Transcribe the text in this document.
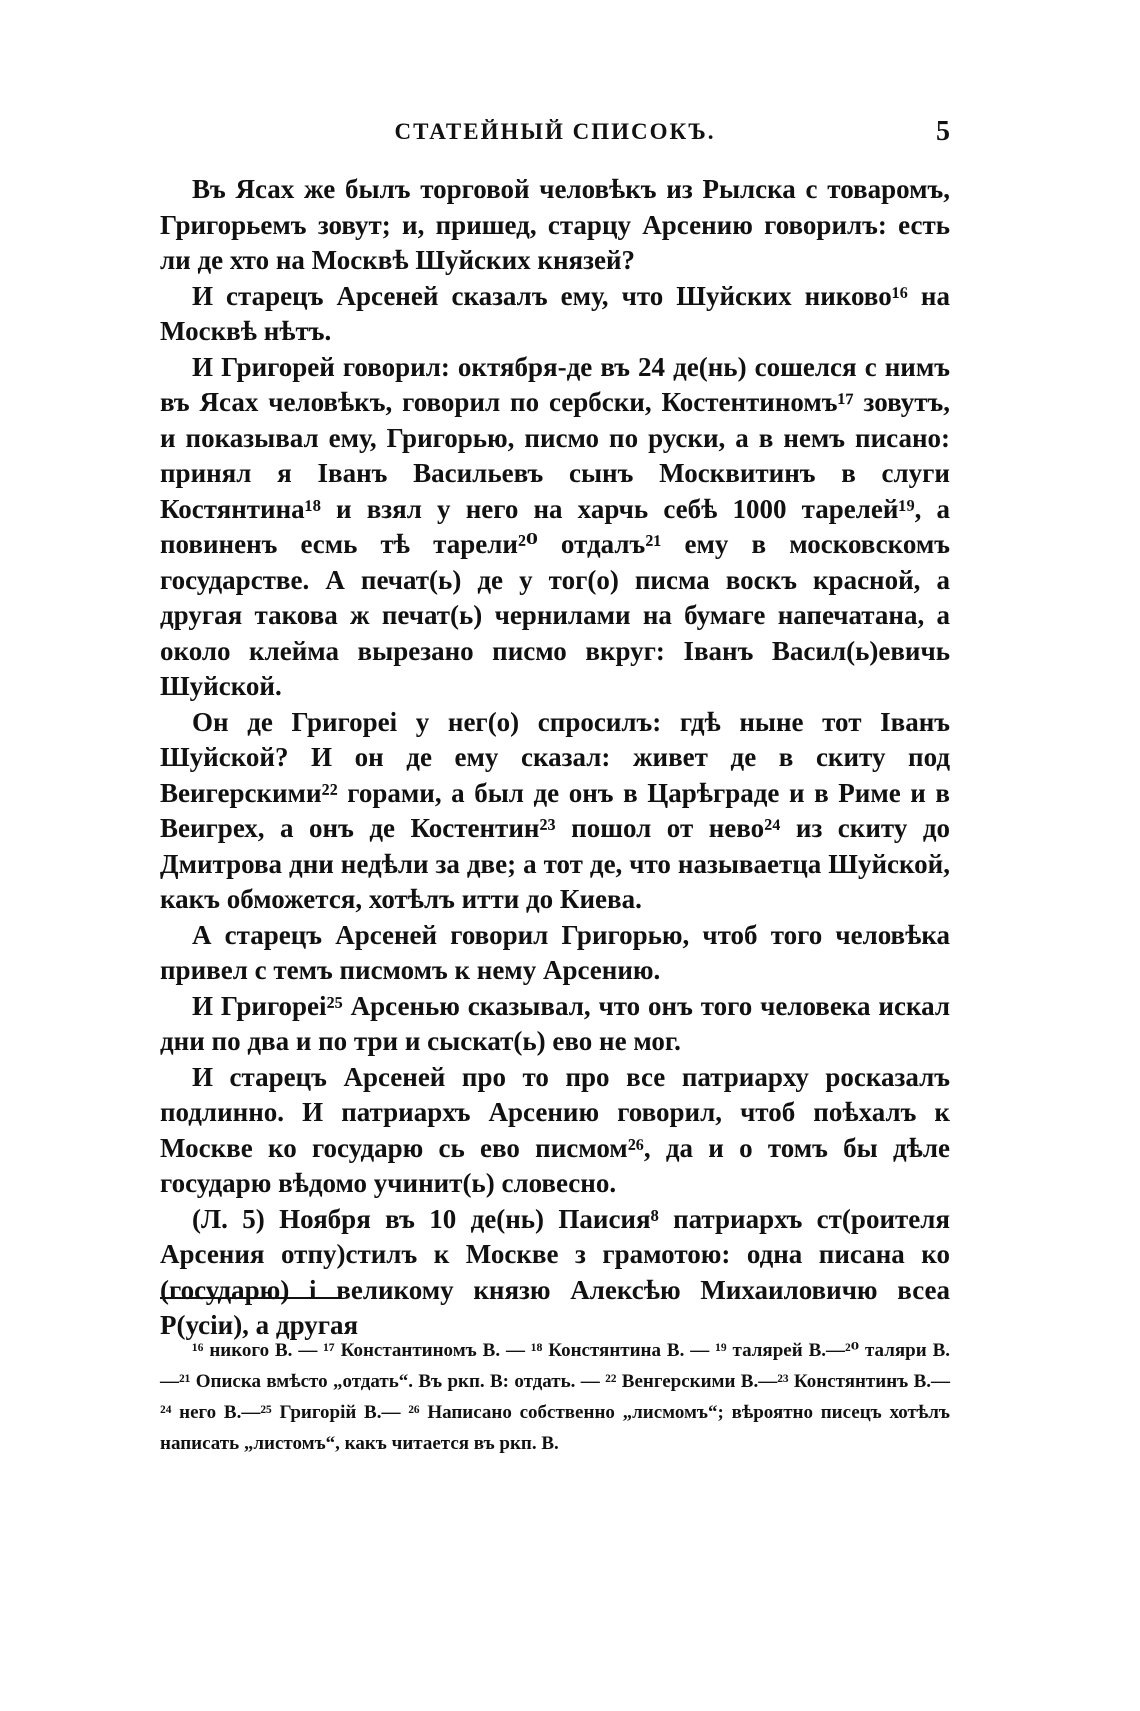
СТАТЕЙНЫЙ СПИСОКЪ.	5

Въ Ясах же былъ торговой человѣкъ из Рылска с товаромъ, Григорьемъ зовут; и, пришед, старцу Арсению говорилъ: есть ли де хто на Москвѣ Шуйских князей?

И старецъ Арсеней сказалъ ему, что Шуйских никово¹⁶ на Москвѣ нѣтъ.

И Григорей говорил: октября-де въ 24 де(нь) сошелся с нимъ въ Ясах человѣкъ, говорил по сербски, Костентиномъ¹⁷ зовутъ, и показывал ему, Григорью, писмо по руски, а в немъ писано: принял я Іванъ Васильевъ сынъ Москвитинъ в слуги Костянтина¹⁸ и взял у него на харчь себѣ 1000 тарелей¹⁹, а повиненъ есмь тѣ тарели²⁰ отдалъ²¹ ему в московскомъ государстве. А печат(ь) де у тог(о) писма воскъ красной, а другая такова ж печат(ь) чернилами на бумаге напечатана, а около клейма вырезано писмо вкруг: Іванъ Васил(ь)евичь Шуйской.

Он де Григореі у нег(о) спросилъ: гдѣ ныне тот Іванъ Шуйской? И он де ему сказал: живет де в скиту под Веигерскими²² горами, а был де онъ в Царѣграде и в Риме и в Веигрех, а онъ де Костентин²³ пошол от нево²⁴ из скиту до Дмитрова дни недѣли за две; а тот де, что называетца Шуйской, какъ обможется, хотѣлъ итти до Киева.

А старецъ Арсеней говорил Григорью, чтоб того человѣка привел с темъ писмомъ к нему Арсению.

И Григореі²⁵ Арсенью сказывал, что онъ того человека искал дни по два и по три и сыскат(ь) ево не мог.

И старецъ Арсеней про то про все патриарху росказалъ подлинно. И патриархъ Арсению говорил, чтоб поѣхалъ к Москве ко государю сь ево писмом²⁶, да и о томъ бы дѣле государю вѣдомо учинит(ь) словесно.

(Л. 5) Ноября въ 10 де(нь) Паисия⁸ патриархъ ст(роителя Арсения отпу)стилъ к Москве з грамотою: одна писана ко (государю) і великому князю Алексѣю Михаиловичю всеа Р(усіи), а другая

¹⁶ никого В. — ¹⁷ Константиномъ В. — ¹⁸ Констянтина В. — ¹⁹ талярей В.—²⁰ таляри В.—²¹ Описка вмѣсто „отдать“. Въ ркп. В: отдать. — ²² Венгерскими В.—²³ Констянтинъ В.—²⁴ него В.—²⁵ Григорій В.— ²⁶ Написано собственно „лисмомъ“; вѣроятно писецъ хотѣлъ написать „листомъ“, какъ читается въ ркп. В.
